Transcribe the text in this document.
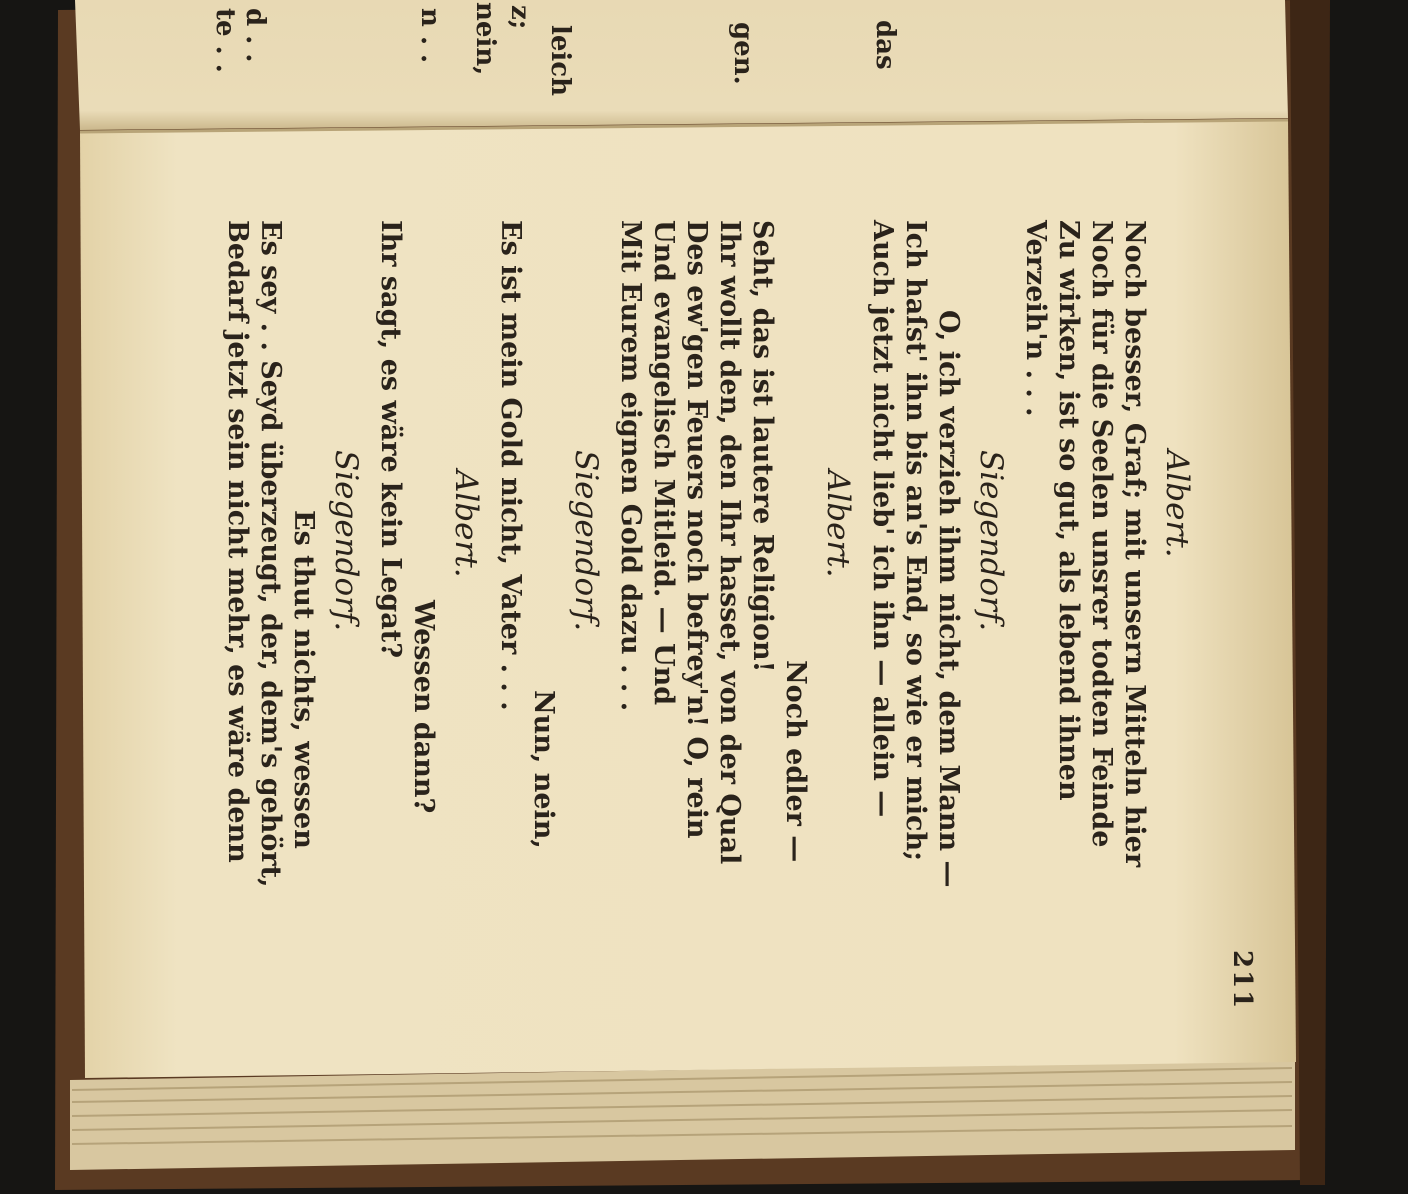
das
gen.
leich
z;
nein,
n . .
d . .
te . .

211

Albert.
Noch besser, Graf; mit unsern Mitteln hier
Noch für die Seelen unsrer todten Feinde
Zu wirken, ist so gut, als lebend ihnen
Verzeih'n . . .
Siegendorf.
O, ich verzieh ihm nicht, dem Mann —
Ich haſst' ihn bis an's End, so wie er mich;
Auch jetzt nicht lieb' ich ihn — allein —
Albert.
Noch edler —
Seht, das ist lautere Religion!
Ihr wollt den, den Ihr hasset, von der Qual
Des ew'gen Feuers noch befrey'n! O, rein
Und evangelisch Mitleid. — Und
Mit Eurem eignen Gold dazu . . .
Siegendorf.
Nun, nein,
Es ist mein Gold nicht, Vater . . .
Albert.
Wessen dann?
Ihr sagt, es wäre kein Legat?
Siegendorf.
Es thut nichts, wessen
Es sey . . Seyd überzeugt, der, dem's gehört,
Bedarf jetzt sein nicht mehr, es wäre denn
